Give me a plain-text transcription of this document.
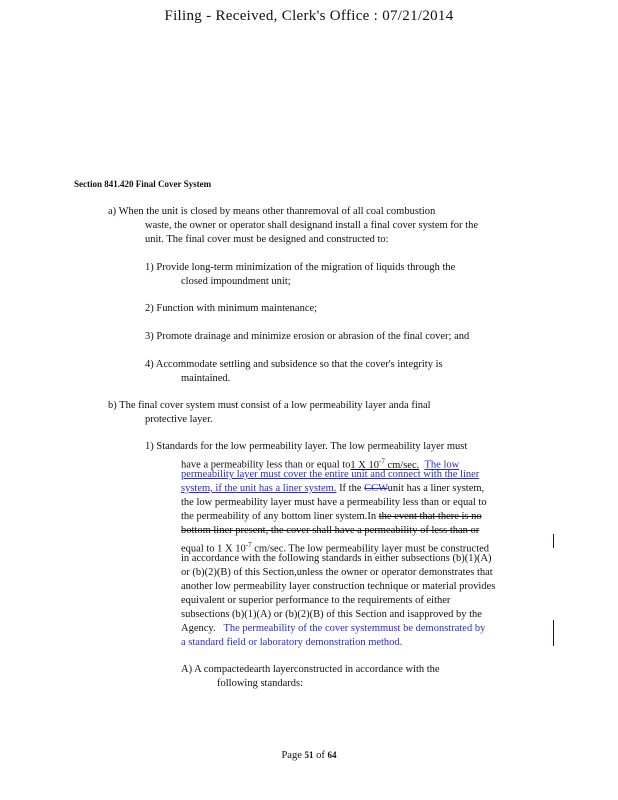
Filing - Received, Clerk's Office : 07/21/2014
Section 841.420 Final Cover System
a) When the unit is closed by means other thanremoval of all coal combustion
waste, the owner or operator shall designand install a final cover system for the
unit. The final cover must be designed and constructed to:
1) Provide long-term minimization of the migration of liquids through the
closed impoundment unit;
2) Function with minimum maintenance;
3) Promote drainage and minimize erosion or abrasion of the final cover; and
4) Accommodate settling and subsidence so that the cover's integrity is
maintained.
b) The final cover system must consist of a low permeability layer anda final
protective layer.
1) Standards for the low permeability layer. The low permeability layer must
have a permeability less than or equal to1 X $10^{-7}$ cm/sec. The low
permeability layer must cover the entire unit and connect with the liner
system, if the unit has a liner system. If the CCWunit has a liner system,
the low permeability layer must have a permeability less than or equal to
the permeability of any bottom liner system.In the event that there is no
bottom liner present, the cover shall have a permeability of less than or
equal to 1 X $10^{-7}$ cm/sec. The low permeability layer must be constructed
in accordance with the following standards in either subsections (b)(1)(A)
or (b)(2)(B) of this Section,unless the owner or operator demonstrates that
another low permeability layer construction technique or material provides
equivalent or superior performance to the requirements of either
subsections (b)(1)(A) or (b)(2)(B) of this Section and isapproved by the
Agency. The permeability of the cover systemmust be demonstrated by
a standard field or laboratory demonstration method.
A) A compactedearth layerconstructed in accordance with the
following standards:
Page 51 of 64
